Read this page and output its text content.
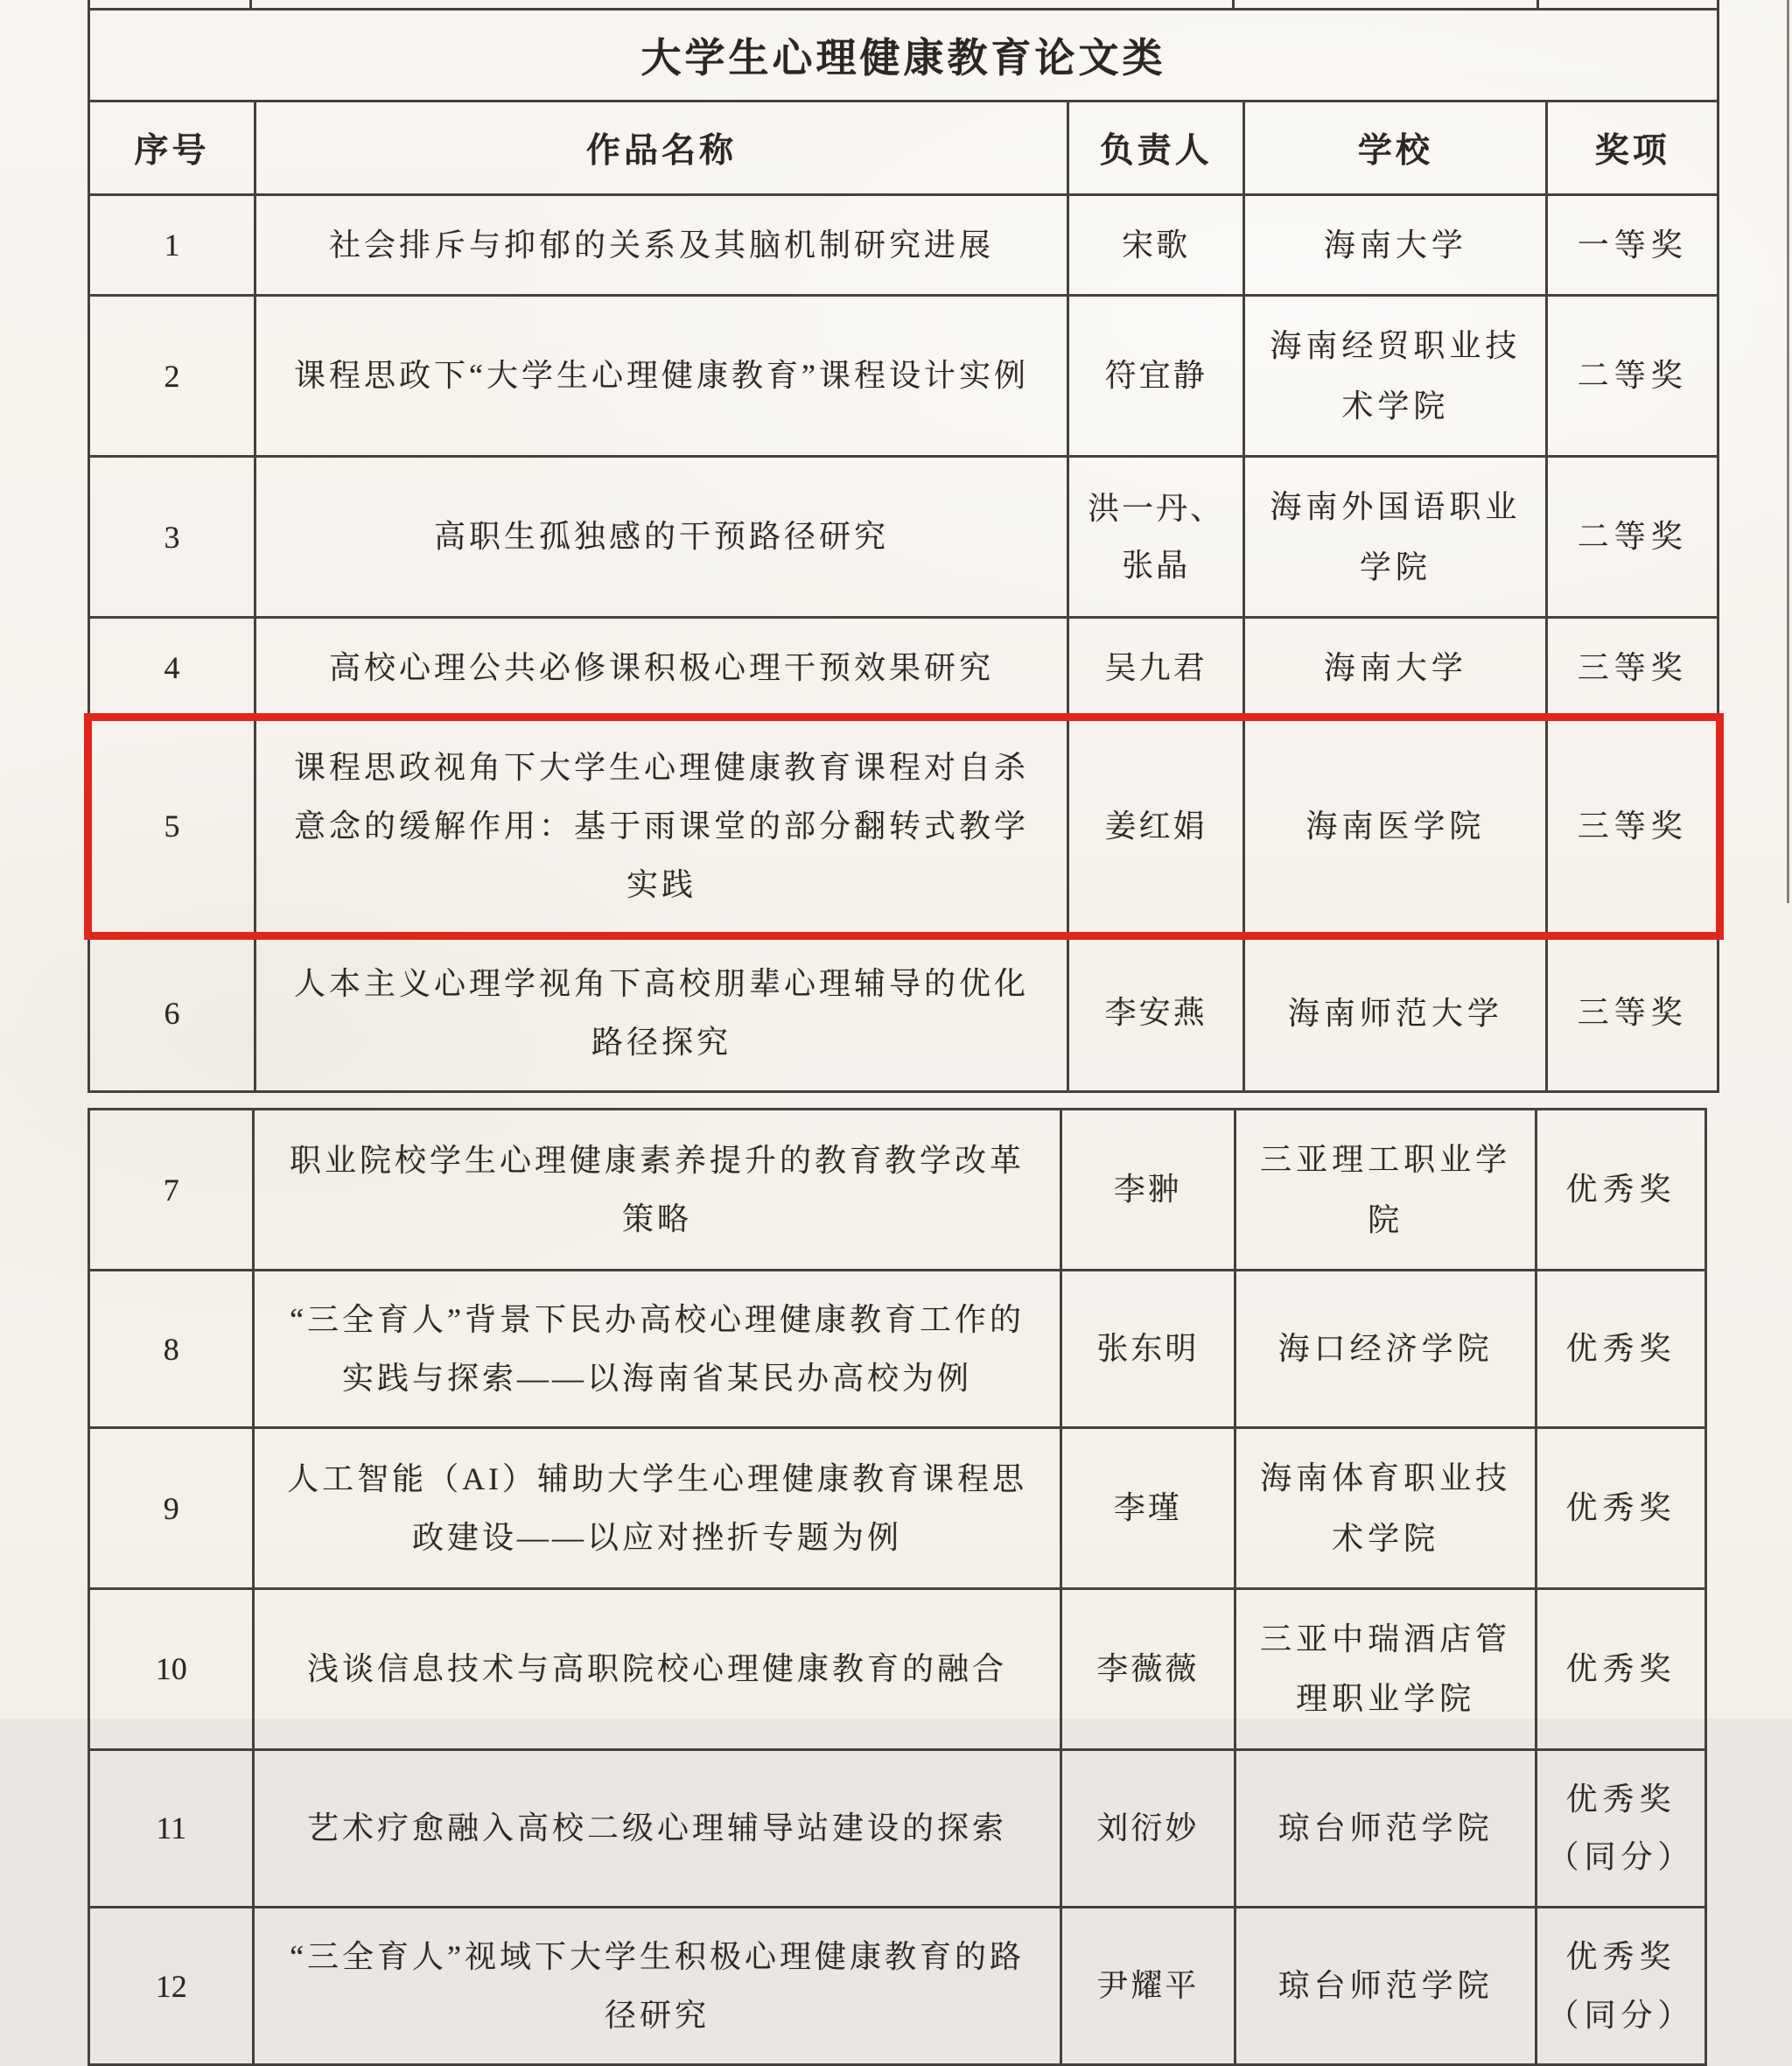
大学生心理健康教育论文类
序号	作品名称	负责人	学校	奖项
1	社会排斥与抑郁的关系及其脑机制研究进展	宋歌	海南大学	一等奖
2	课程思政下“大学生心理健康教育”课程设计实例	符宜静	海南经贸职业技术学院	二等奖
3	高职生孤独感的干预路径研究	洪一丹、张晶	海南外国语职业学院	二等奖
4	高校心理公共必修课积极心理干预效果研究	吴九君	海南大学	三等奖
5	课程思政视角下大学生心理健康教育课程对自杀意念的缓解作用：基于雨课堂的部分翻转式教学实践	姜红娟	海南医学院	三等奖
6	人本主义心理学视角下高校朋辈心理辅导的优化路径探究	李安燕	海南师范大学	三等奖
7	职业院校学生心理健康素养提升的教育教学改革策略	李翀	三亚理工职业学院	优秀奖
8	“三全育人”背景下民办高校心理健康教育工作的实践与探索——以海南省某民办高校为例	张东明	海口经济学院	优秀奖
9	人工智能（AI）辅助大学生心理健康教育课程思政建设——以应对挫折专题为例	李瑾	海南体育职业技术学院	优秀奖
10	浅谈信息技术与高职院校心理健康教育的融合	李薇薇	三亚中瑞酒店管理职业学院	优秀奖
11	艺术疗愈融入高校二级心理辅导站建设的探索	刘衍妙	琼台师范学院	优秀奖（同分）
12	“三全育人”视域下大学生积极心理健康教育的路径研究	尹耀平	琼台师范学院	优秀奖（同分）
